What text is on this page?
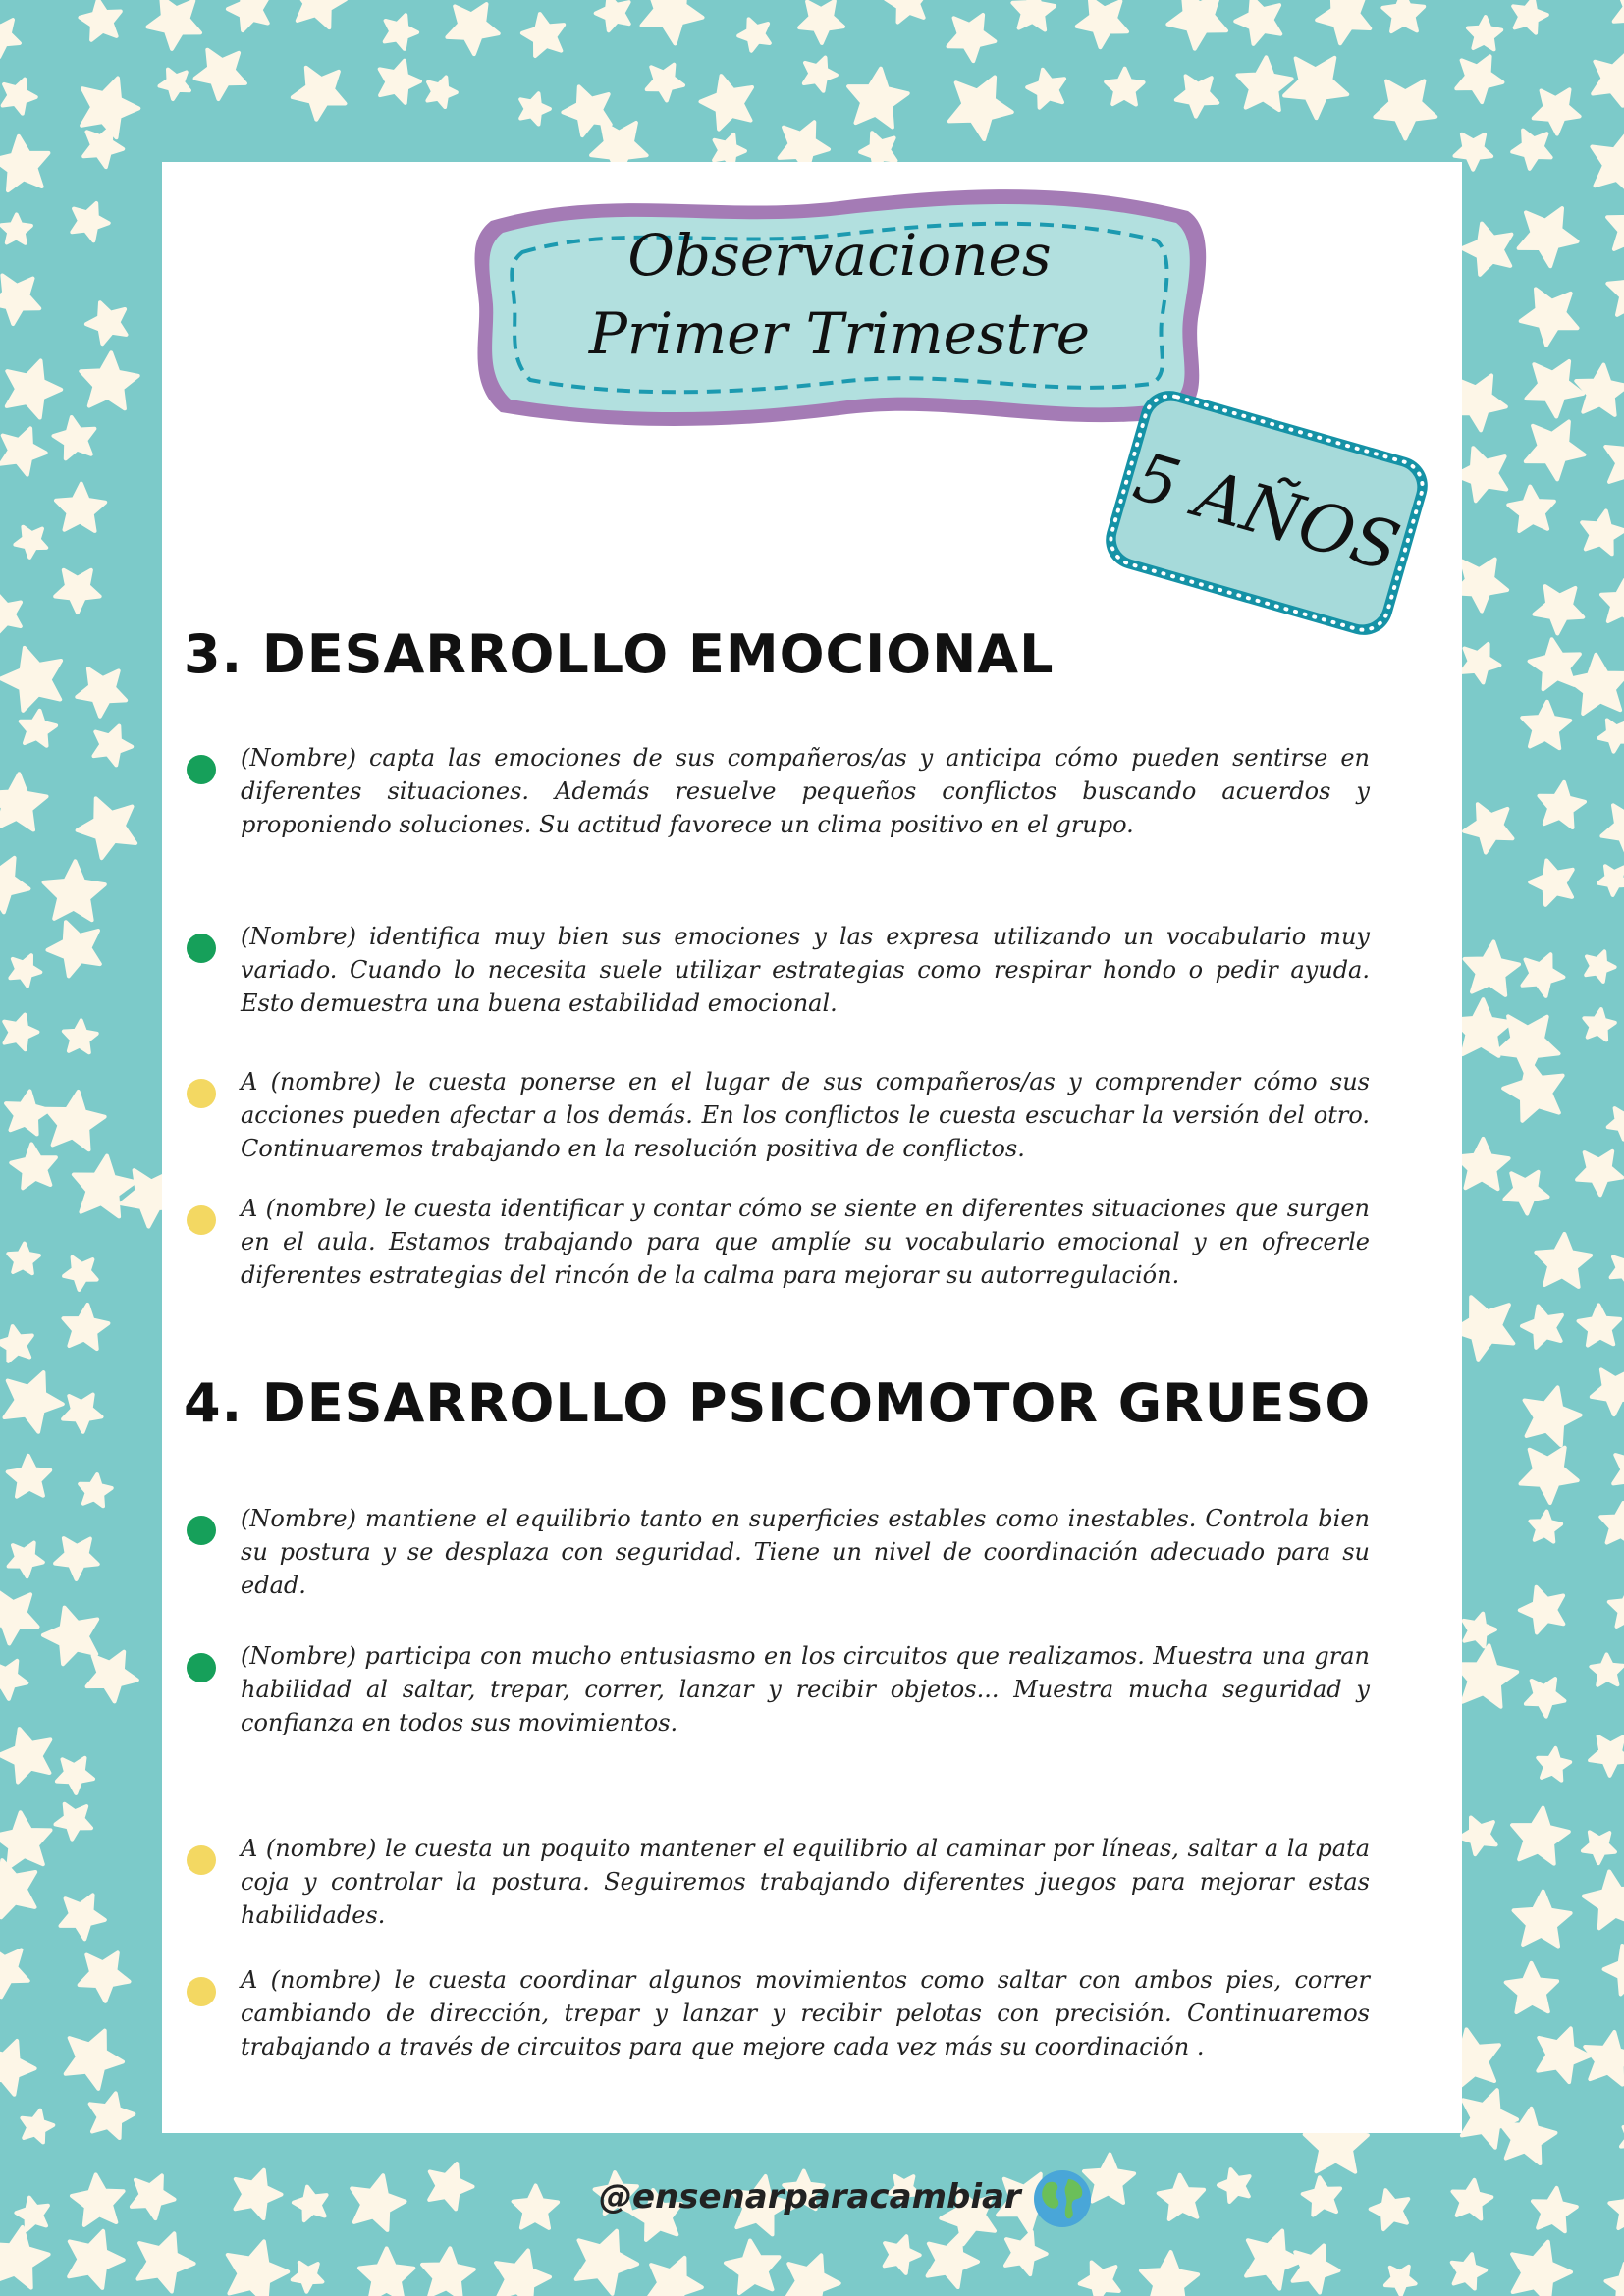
Observaciones
Primer Trimestre
5 AÑOS
3. DESARROLLO EMOCIONAL
(Nombre) capta las emociones de sus compañeros/as y anticipa cómo pueden sentirse en diferentes situaciones. Además resuelve pequeños conflictos buscando acuerdos y proponiendo soluciones. Su actitud favorece un clima positivo en el grupo.
(Nombre) identifica muy bien sus emociones y las expresa utilizando un vocabulario muy variado. Cuando lo necesita suele utilizar estrategias como respirar hondo o pedir ayuda. Esto demuestra una buena estabilidad emocional.
A (nombre) le cuesta ponerse en el lugar de sus compañeros/as y comprender cómo sus acciones pueden afectar a los demás. En los conflictos le cuesta escuchar la versión del otro. Continuaremos trabajando en la resolución positiva de conflictos.
A (nombre) le cuesta identificar y contar cómo se siente en diferentes situaciones que surgen en el aula. Estamos trabajando para que amplíe su vocabulario emocional y en ofrecerle diferentes estrategias del rincón de la calma para mejorar su autorregulación.
4. DESARROLLO PSICOMOTOR GRUESO
(Nombre) mantiene el equilibrio tanto en superficies estables como inestables. Controla bien su postura y se desplaza con seguridad. Tiene un nivel de coordinación adecuado para su edad.
(Nombre) participa con mucho entusiasmo en los circuitos que realizamos. Muestra una gran habilidad al saltar, trepar, correr, lanzar y recibir objetos... Muestra mucha seguridad y confianza en todos sus movimientos.
A (nombre) le cuesta un poquito mantener el equilibrio al caminar por líneas, saltar a la pata coja y controlar la postura. Seguiremos trabajando diferentes juegos para mejorar estas habilidades.
A (nombre) le cuesta coordinar algunos movimientos como saltar con ambos pies, correr cambiando de dirección, trepar y lanzar y recibir pelotas con precisión. Continuaremos trabajando a través de circuitos para que mejore cada vez más su coordinación .
@ensenarparacambiar
